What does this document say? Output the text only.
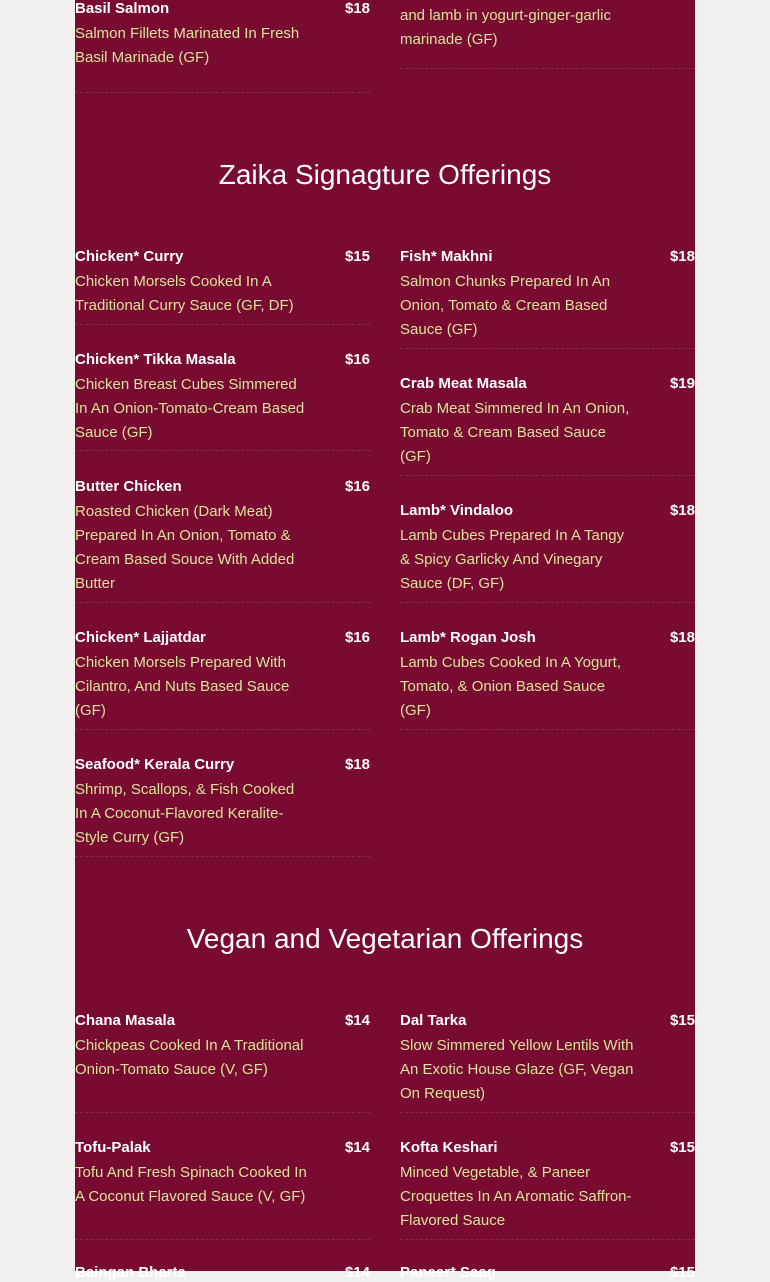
Basil Salmon	$18
Salmon Fillets Marinated In Fresh Basil Marinade (GF)
and lamb in yogurt-ginger-garlic marinade (GF)
Zaika Signagture Offerings
Chicken* Curry	$15
Chicken Morsels Cooked In A Traditional Curry Sauce (GF, DF)
Chicken* Tikka Masala	$16
Chicken Breast Cubes Simmered In An Onion-Tomato-Cream Based Sauce (GF)
Butter Chicken	$16
Roasted Chicken (Dark Meat) Prepared In An Onion, Tomato & Cream Based Souce With Added Butter
Chicken* Lajjatdar	$16
Chicken Morsels Prepared With Cilantro, And Nuts Based Sauce (GF)
Seafood* Kerala Curry	$18
Shrimp, Scallops, & Fish Cooked In A Coconut-Flavored Keralite-Style Curry (GF)
Fish* Makhni	$18
Salmon Chunks Prepared In An Onion, Tomato & Cream Based Sauce (GF)
Crab Meat Masala	$19
Crab Meat Simmered In An Onion, Tomato & Cream Based Sauce (GF)
Lamb* Vindaloo	$18
Lamb Cubes Prepared In A Tangy & Spicy Garlicky And Vinegary Sauce (DF, GF)
Lamb* Rogan Josh	$18
Lamb Cubes Cooked In A Yogurt, Tomato, & Onion Based Sauce (GF)
Vegan and Vegetarian Offerings
Chana Masala	$14
Chickpeas Cooked In A Traditional Onion-Tomato Sauce (V, GF)
Tofu-Palak	$14
Tofu And Fresh Spinach Cooked In A Coconut Flavored Sauce (V, GF)
Baingan Bharta	$14
Dal Tarka	$15
Slow Simmered Yellow Lentils With An Exotic House Glaze (GF, Vegan On Request)
Kofta Keshari	$15
Minced Vegetable, & Paneer Croquettes In An Aromatic Saffron-Flavored Sauce
Paneer* Saag	$15
